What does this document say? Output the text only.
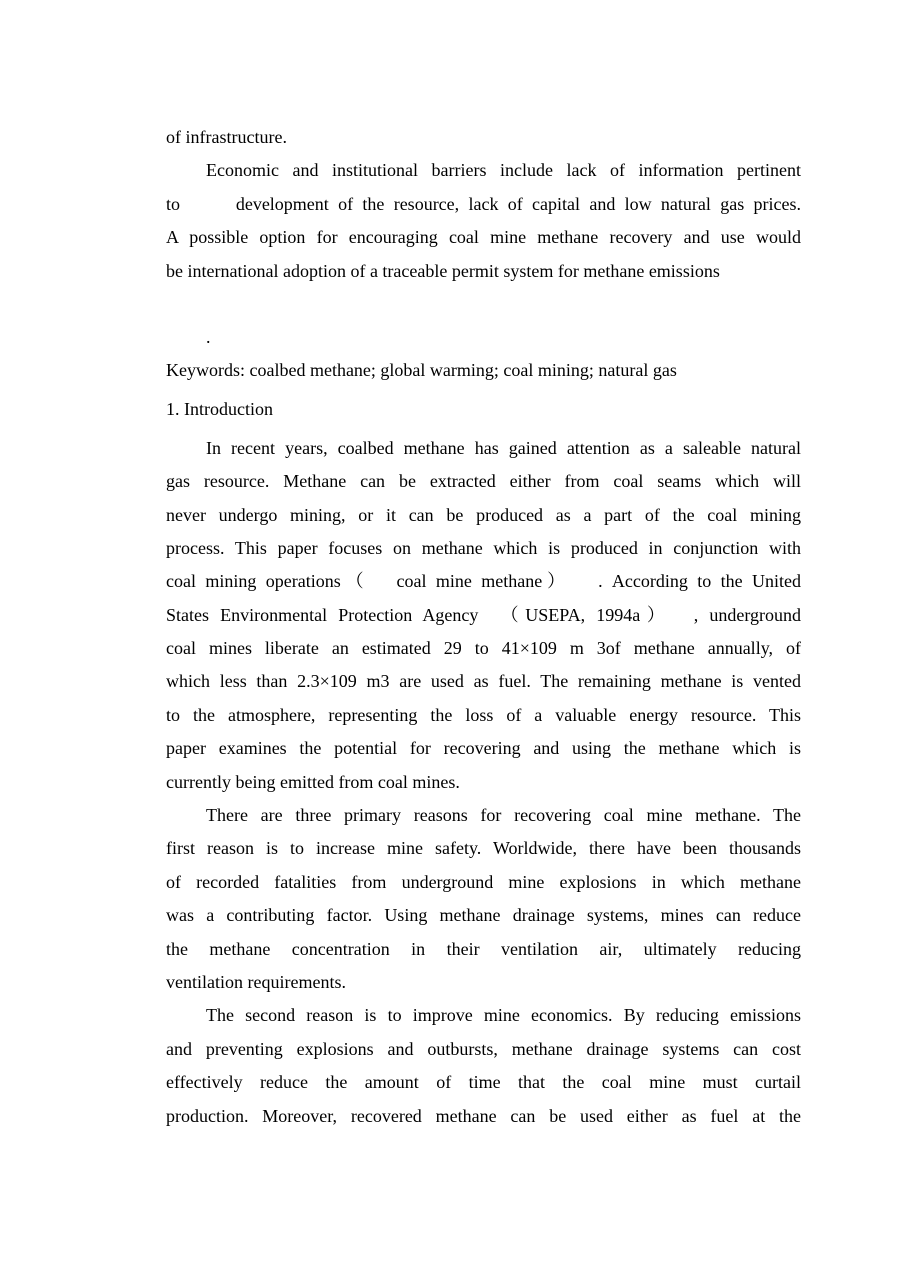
of infrastructure.
Economic and institutional barriers include lack of information pertinent
to      development of the resource, lack of capital and low natural gas prices.
A possible option for encouraging coal mine methane recovery and use would
be international adoption of a traceable permit system for methane emissions
.
Keywords: coalbed methane; global warming; coal mining; natural gas
1. Introduction
In recent years, coalbed methane has gained attention as a saleable natural
gas resource. Methane can be extracted either from coal seams which will
never undergo mining, or it can be produced as a part of the coal mining
process. This paper focuses on methane which is produced in conjunction with
coal mining operations（   coal mine methane）   . According to the United
States Environmental Protection Agency  （USEPA, 1994a）  , underground
coal mines liberate an estimated 29 to 41×109 m 3of methane annually, of
which less than 2.3×109 m3 are used as fuel. The remaining methane is vented
to the atmosphere, representing the loss of a valuable energy resource. This
paper examines the potential for recovering and using the methane which is
currently being emitted from coal mines.
There are three primary reasons for recovering coal mine methane. The
first reason is to increase mine safety. Worldwide, there have been thousands
of recorded fatalities from underground mine explosions in which methane
was a contributing factor. Using methane drainage systems, mines can reduce
the methane concentration in their ventilation air, ultimately reducing
ventilation requirements.
The second reason is to improve mine economics. By reducing emissions
and preventing explosions and outbursts, methane drainage systems can cost
effectively reduce the amount of time that the coal mine must curtail
production. Moreover, recovered methane can be used either as fuel at the
